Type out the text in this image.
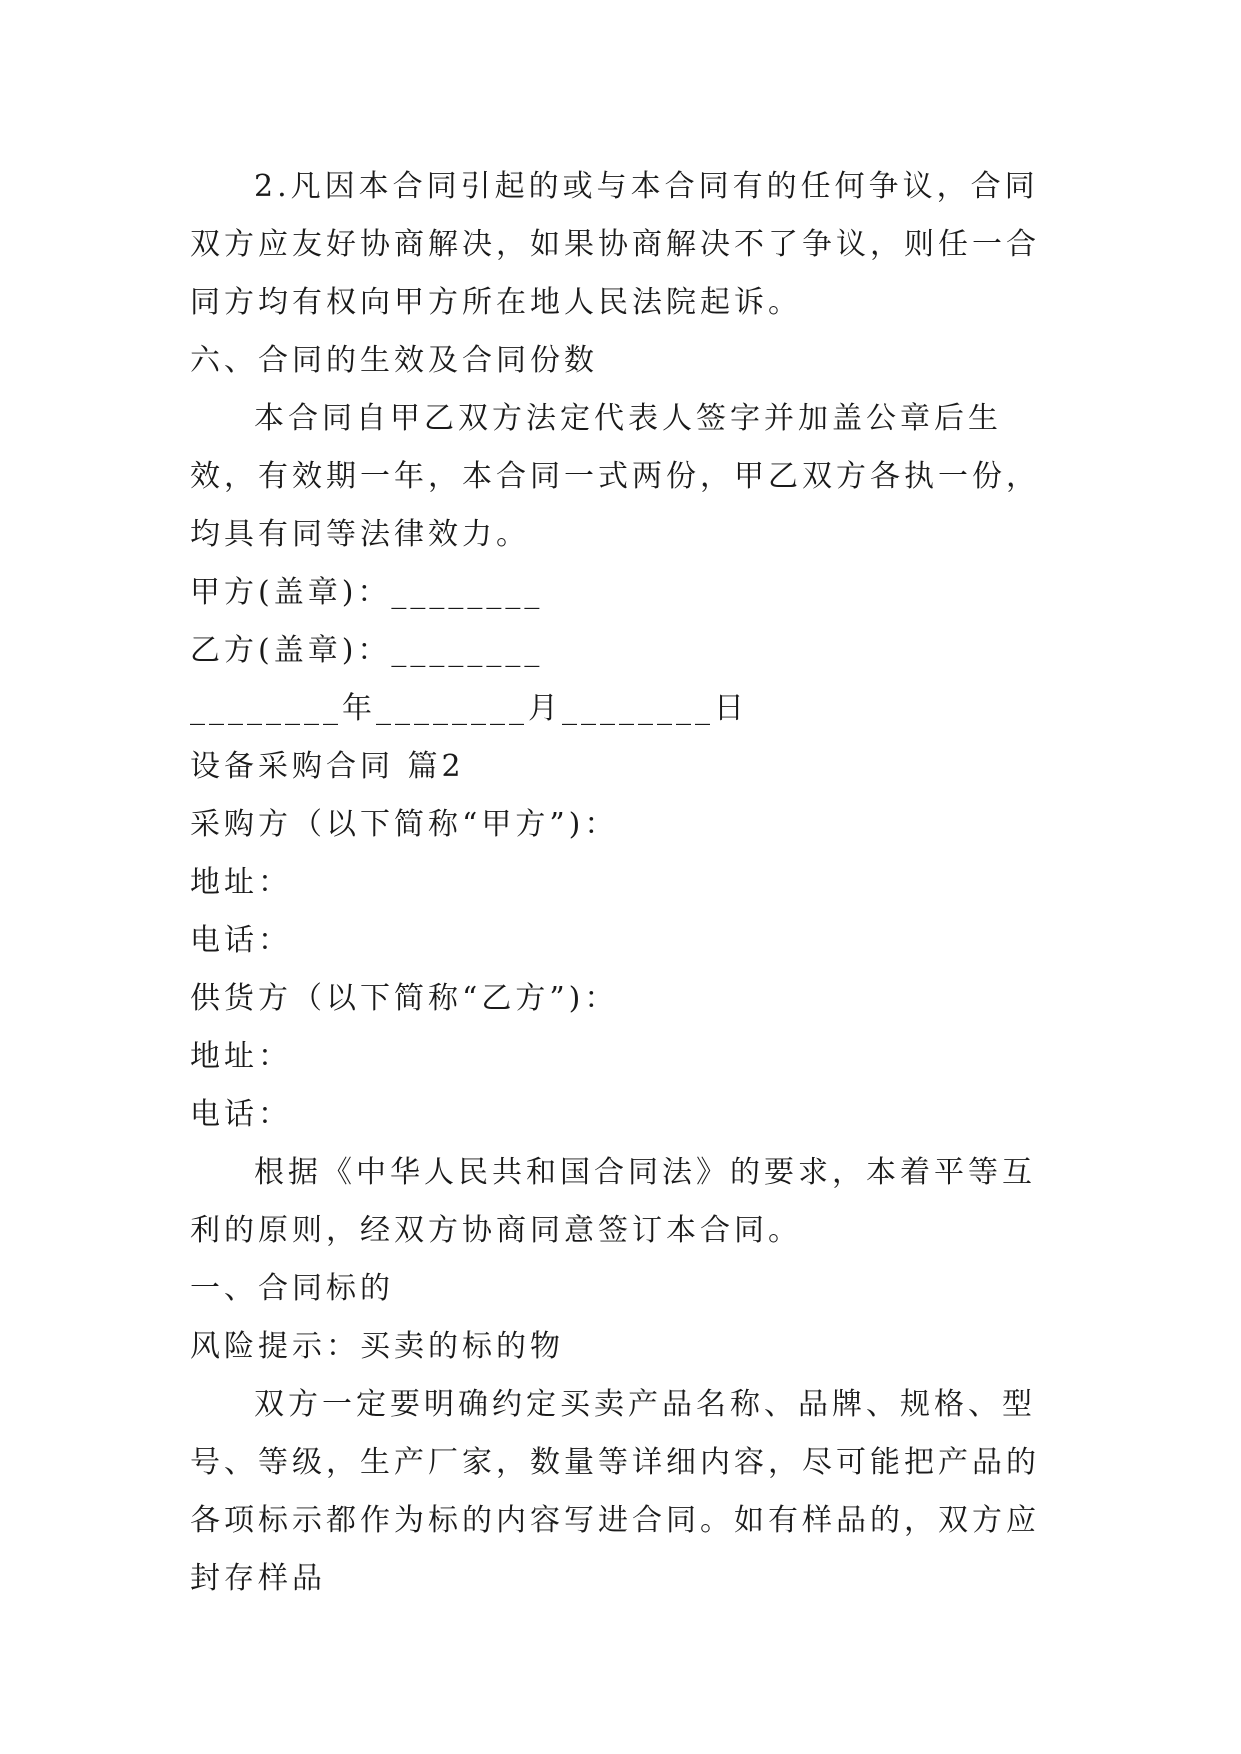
2.凡因本合同引起的或与本合同有的任何争议，合同双方应友好协商解决，如果协商解决不了争议，则任一合同方均有权向甲方所在地人民法院起诉。

六、合同的生效及合同份数

本合同自甲乙双方法定代表人签字并加盖公章后生效，有效期一年，本合同一式两份，甲乙双方各执一份，均具有同等法律效力。

甲方(盖章)：________

乙方(盖章)：________

________年________月________日

设备采购合同 篇2

采购方（以下简称“甲方”)：

地址：

电话：

供货方（以下简称“乙方”)：

地址：

电话：

根据《中华人民共和国合同法》的要求，本着平等互利的原则，经双方协商同意签订本合同。

一、合同标的

风险提示：买卖的标的物

双方一定要明确约定买卖产品名称、品牌、规格、型号、等级，生产厂家，数量等详细内容，尽可能把产品的各项标示都作为标的内容写进合同。如有样品的，双方应封存样品
